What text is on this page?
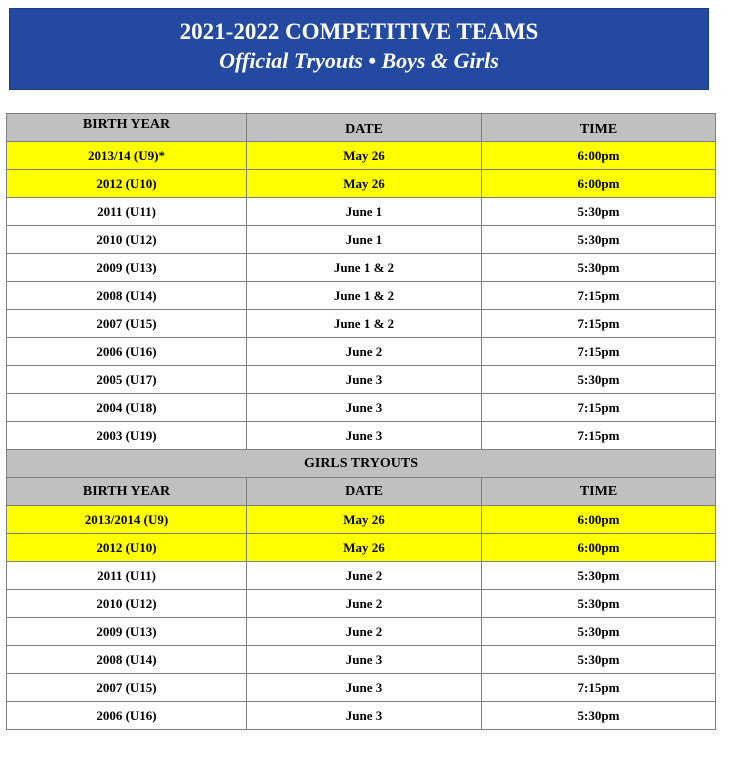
2021-2022 COMPETITIVE TEAMS
Official Tryouts • Boys & Girls
BIRTH YEAR	DATE	TIME
2013/14 (U9)*	May 26	6:00pm
2012 (U10)	May 26	6:00pm
2011 (U11)	June 1	5:30pm
2010 (U12)	June 1	5:30pm
2009 (U13)	June 1 & 2	5:30pm
2008 (U14)	June 1 & 2	7:15pm
2007 (U15)	June 1 & 2	7:15pm
2006 (U16)	June 2	7:15pm
2005 (U17)	June 3	5:30pm
2004 (U18)	June 3	7:15pm
2003 (U19)	June 3	7:15pm
GIRLS TRYOUTS		
BIRTH YEAR	DATE	TIME
2013/2014 (U9)	May 26	6:00pm
2012 (U10)	May 26	6:00pm
2011 (U11)	June 2	5:30pm
2010 (U12)	June 2	5:30pm
2009 (U13)	June 2	5:30pm
2008 (U14)	June 3	5:30pm
2007 (U15)	June 3	7:15pm
2006 (U16)	June 3	5:30pm
